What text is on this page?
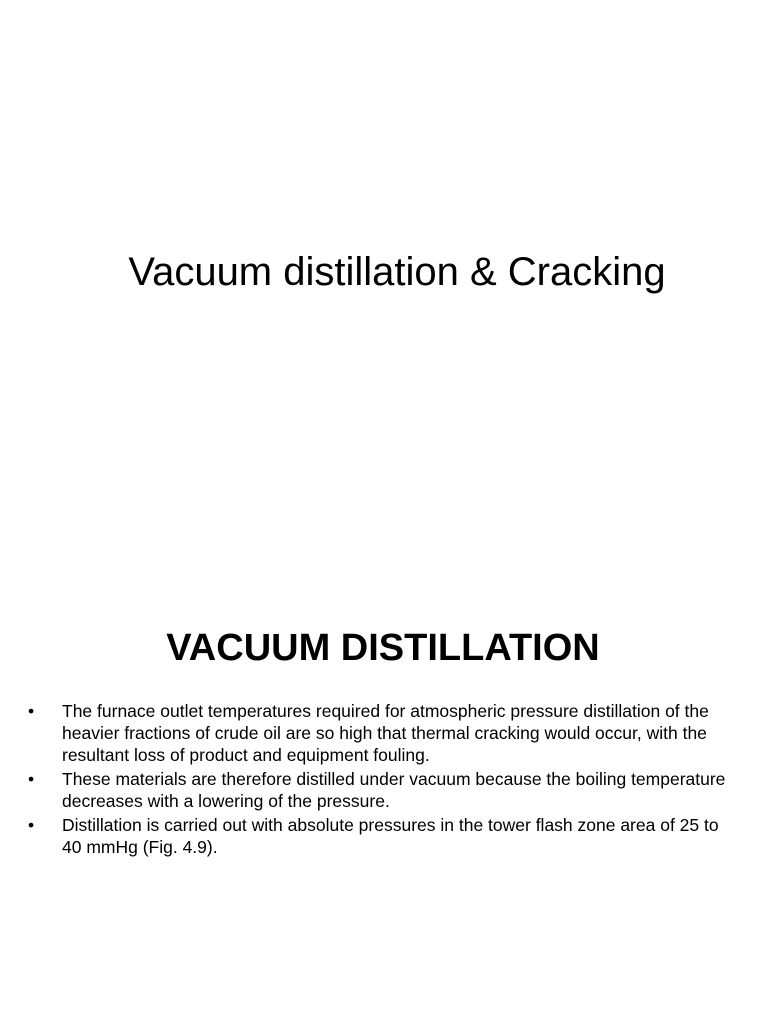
Vacuum distillation & Cracking
VACUUM DISTILLATION
•	The furnace outlet temperatures required for atmospheric pressure distillation of the heavier fractions of crude oil are so high that thermal cracking would occur, with the resultant loss of product and equipment fouling.
•	These materials are therefore distilled under vacuum because the boiling temperature decreases with a lowering of the pressure.
•	Distillation is carried out with absolute pressures in the tower flash zone area of 25 to 40 mmHg (Fig. 4.9).
